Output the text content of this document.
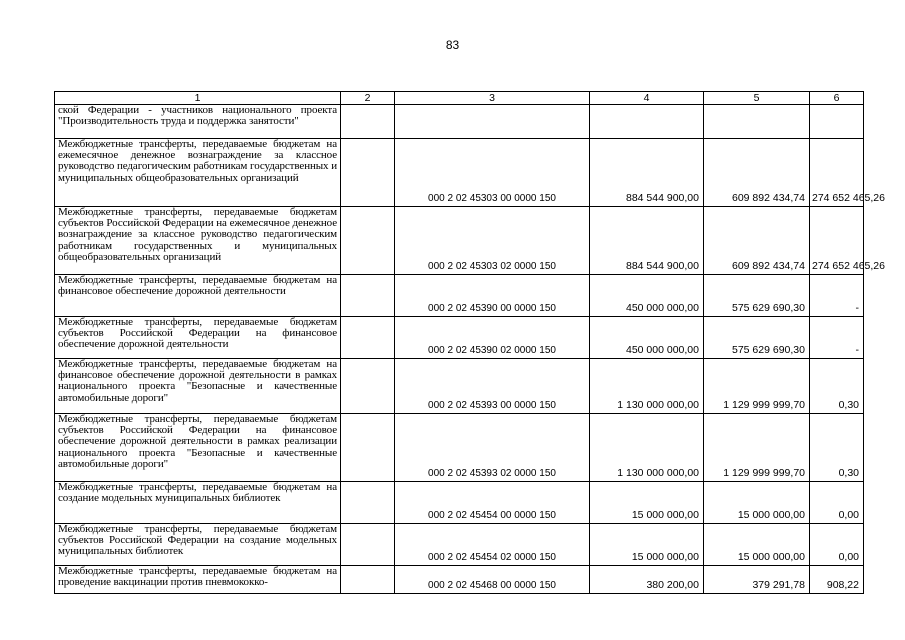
83
1	2	3	4	5	6
ской Федерации - участников национального проекта "Производительность труда и поддержка занятости"					
Межбюджетные трансферты, передаваемые бюджетам на ежемесячное денежное вознаграждение за классное руководство педагогическим работникам государственных и муниципальных общеобразовательных организаций		000 2 02 45303 00 0000 150	884 544 900,00	609 892 434,74	274 652 465,26
Межбюджетные трансферты, передаваемые бюджетам субъектов Российской Федерации на ежемесячное денежное вознаграждение за классное руководство педагогическим работникам государственных и муниципальных общеобразовательных организаций		000 2 02 45303 02 0000 150	884 544 900,00	609 892 434,74	274 652 465,26
Межбюджетные трансферты, передаваемые бюджетам на финансовое обеспечение дорожной деятельности		000 2 02 45390 00 0000 150	450 000 000,00	575 629 690,30	-
Межбюджетные трансферты, передаваемые бюджетам субъектов Российской Федерации на финансовое обеспечение дорожной деятельности		000 2 02 45390 02 0000 150	450 000 000,00	575 629 690,30	-
Межбюджетные трансферты, передаваемые бюджетам на финансовое обеспечение дорожной деятельности в рамках национального проекта "Безопасные и качественные автомобильные дороги"		000 2 02 45393 00 0000 150	1 130 000 000,00	1 129 999 999,70	0,30
Межбюджетные трансферты, передаваемые бюджетам субъектов Российской Федерации на финансовое обеспечение дорожной деятельности в рамках реализации национального проекта "Безопасные и качественные автомобильные дороги"		000 2 02 45393 02 0000 150	1 130 000 000,00	1 129 999 999,70	0,30
Межбюджетные трансферты, передаваемые бюджетам на создание модельных муниципальных библиотек		000 2 02 45454 00 0000 150	15 000 000,00	15 000 000,00	0,00
Межбюджетные трансферты, передаваемые бюджетам субъектов Российской Федерации на создание модельных муниципальных библиотек		000 2 02 45454 02 0000 150	15 000 000,00	15 000 000,00	0,00
Межбюджетные трансферты, передаваемые бюджетам на проведение вакцинации против пневмококко-		000 2 02 45468 00 0000 150	380 200,00	379 291,78	908,22
